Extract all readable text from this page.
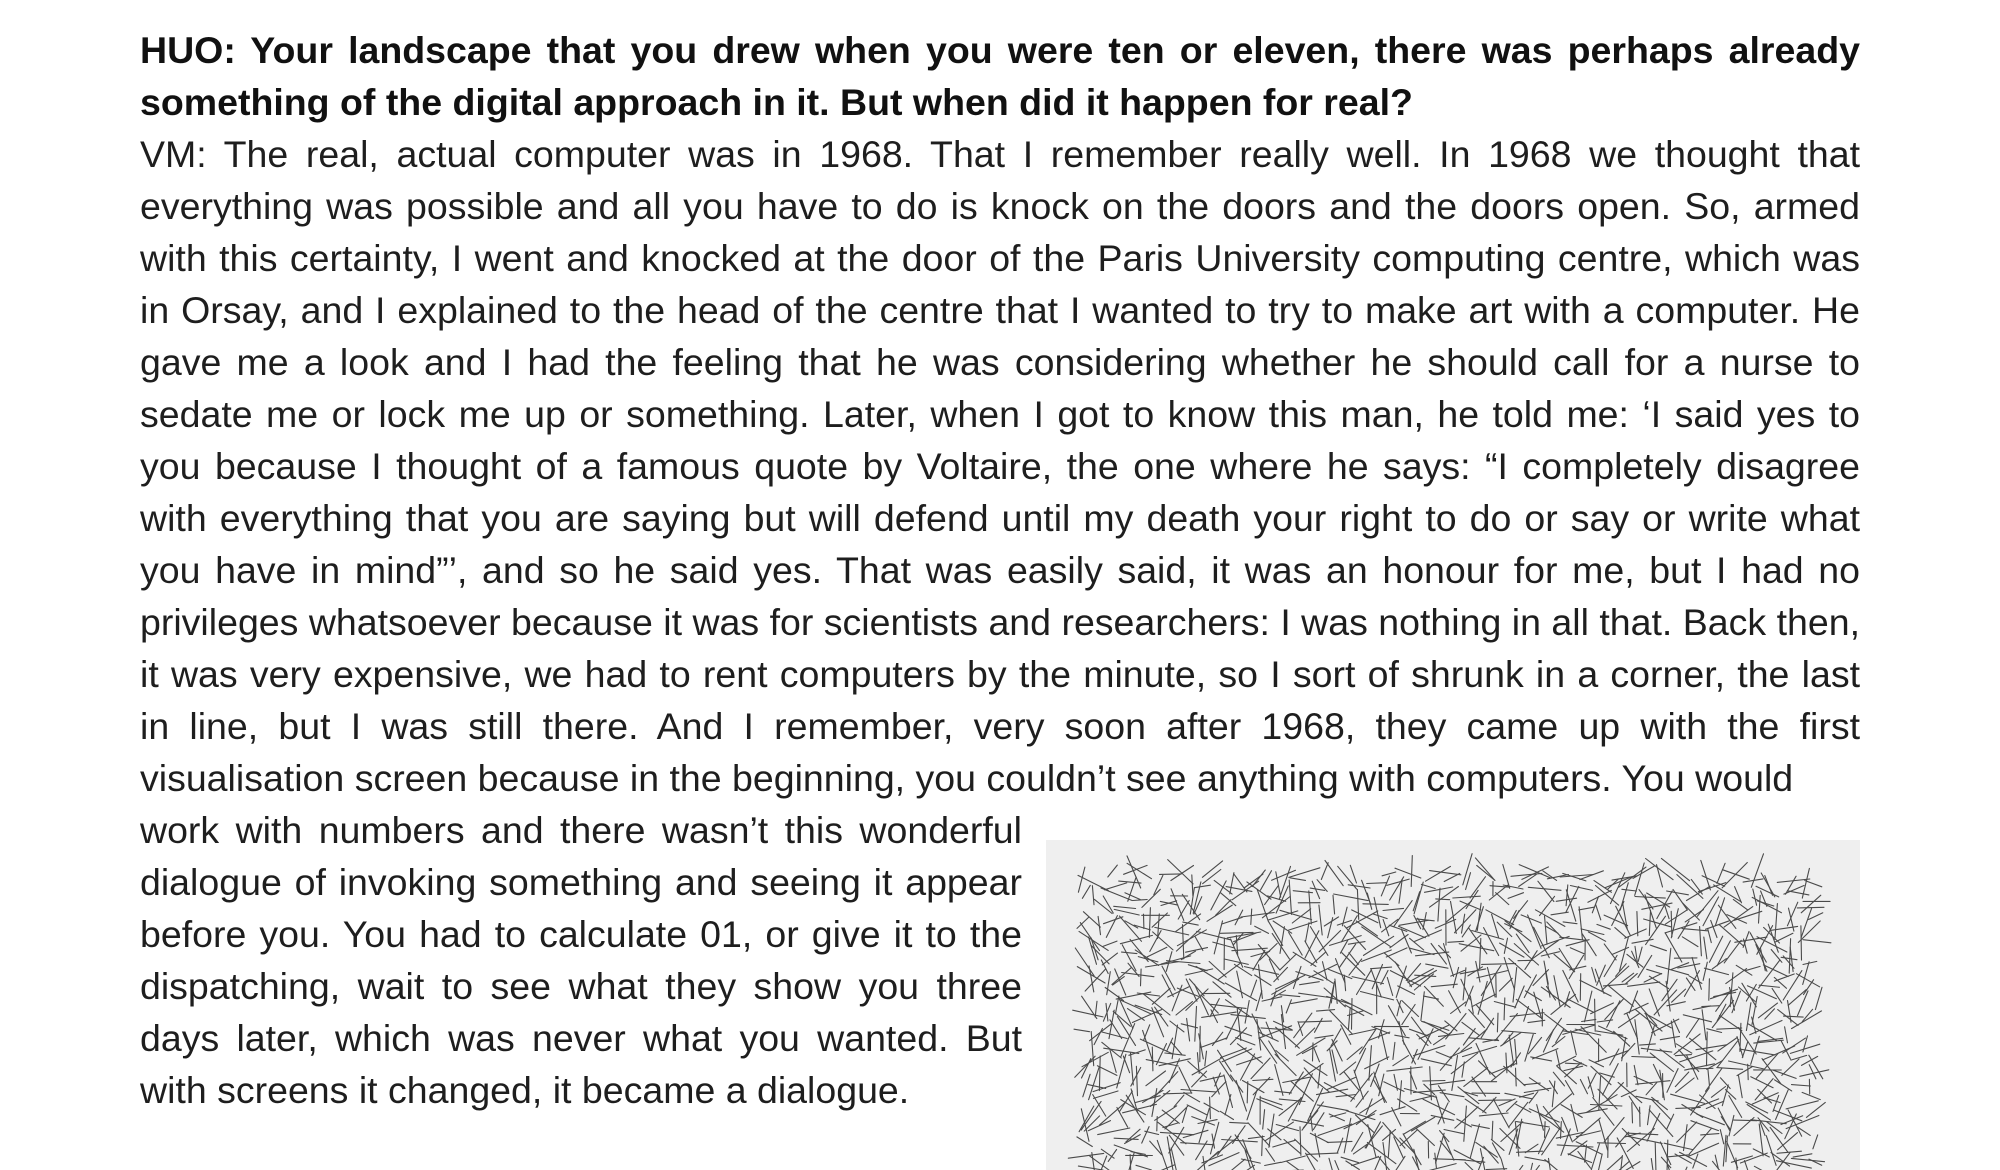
HUO: Your landscape that you drew when you were ten or eleven, there was perhaps already something of the digital approach in it. But when did it happen for real?

VM: The real, actual computer was in 1968. That I remember really well. In 1968 we thought that everything was possible and all you have to do is knock on the doors and the doors open. So, armed with this certainty, I went and knocked at the door of the Paris University computing centre, which was in Orsay, and I explained to the head of the centre that I wanted to try to make art with a computer. He gave me a look and I had the feeling that he was considering whether he should call for a nurse to sedate me or lock me up or something. Later, when I got to know this man, he told me: ‘I said yes to you because I thought of a famous quote by Voltaire, the one where he says: “I completely disagree with everything that you are saying but will defend until my death your right to do or say or write what you have in mind”’, and so he said yes. That was easily said, it was an honour for me, but I had no privileges whatsoever because it was for scientists and researchers: I was nothing in all that. Back then, it was very expensive, we had to rent computers by the minute, so I sort of shrunk in a corner, the last in line, but I was still there. And I remember, very soon after 1968, they came up with the first visualisation screen because in the beginning, you couldn’t see anything with computers. You would

work with numbers and there wasn’t this wonderful dialogue of invoking something and seeing it appear before you. You had to calculate 01, or give it to the dispatching, wait to see what they show you three days later, which was never what you wanted. But with screens it changed, it became a dialogue.
